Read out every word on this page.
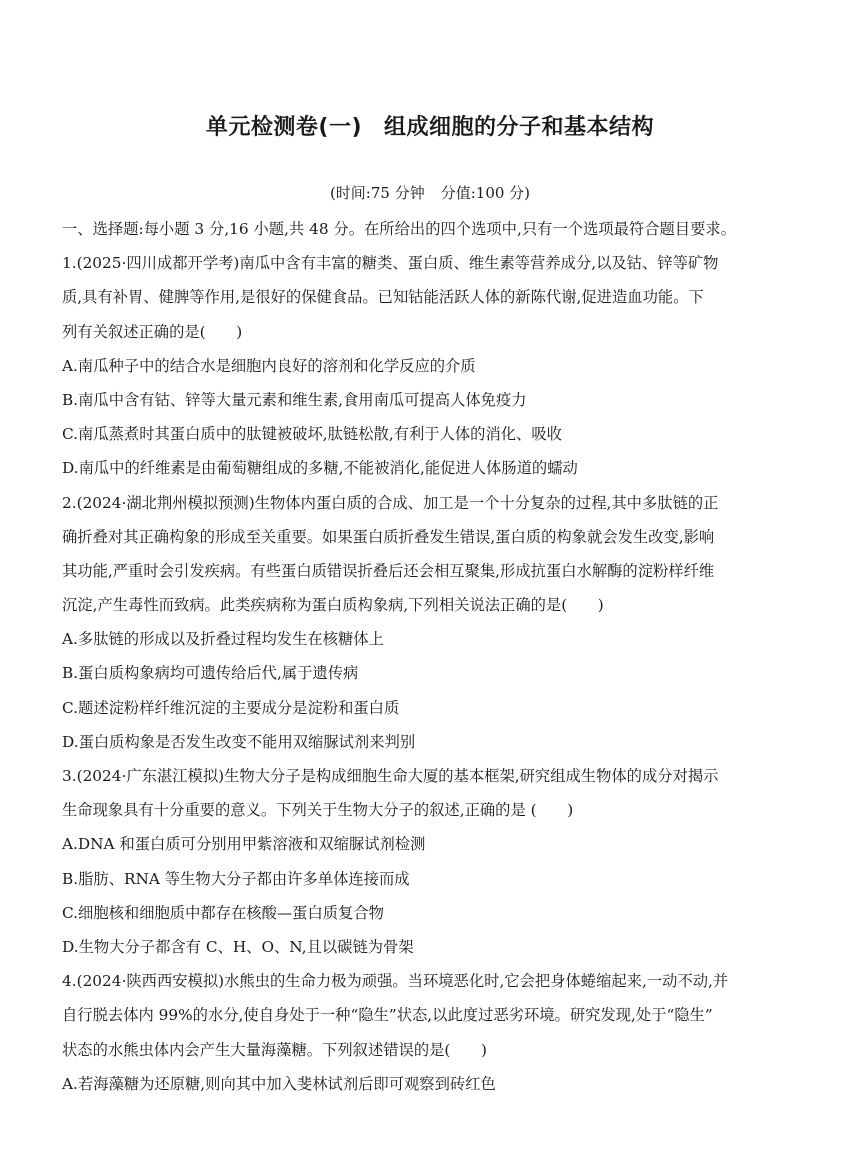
单元检测卷(一) 组成细胞的分子和基本结构
(时间:75 分钟 分值:100 分)
一、选择题:每小题 3 分,16 小题,共 48 分。在所给出的四个选项中,只有一个选项最符合题目要求。
1.(2025·四川成都开学考)南瓜中含有丰富的糖类、蛋白质、维生素等营养成分,以及钴、锌等矿物
质,具有补胃、健脾等作用,是很好的保健食品。已知钴能活跃人体的新陈代谢,促进造血功能。下
列有关叙述正确的是(　　)
A.南瓜种子中的结合水是细胞内良好的溶剂和化学反应的介质
B.南瓜中含有钴、锌等大量元素和维生素,食用南瓜可提高人体免疫力
C.南瓜蒸煮时其蛋白质中的肽键被破坏,肽链松散,有利于人体的消化、吸收
D.南瓜中的纤维素是由葡萄糖组成的多糖,不能被消化,能促进人体肠道的蠕动
2.(2024·湖北荆州模拟预测)生物体内蛋白质的合成、加工是一个十分复杂的过程,其中多肽链的正
确折叠对其正确构象的形成至关重要。如果蛋白质折叠发生错误,蛋白质的构象就会发生改变,影响
其功能,严重时会引发疾病。有些蛋白质错误折叠后还会相互聚集,形成抗蛋白水解酶的淀粉样纤维
沉淀,产生毒性而致病。此类疾病称为蛋白质构象病,下列相关说法正确的是(　　)
A.多肽链的形成以及折叠过程均发生在核糖体上
B.蛋白质构象病均可遗传给后代,属于遗传病
C.题述淀粉样纤维沉淀的主要成分是淀粉和蛋白质
D.蛋白质构象是否发生改变不能用双缩脲试剂来判别
3.(2024·广东湛江模拟)生物大分子是构成细胞生命大厦的基本框架,研究组成生物体的成分对揭示
生命现象具有十分重要的意义。下列关于生物大分子的叙述,正确的是 (　　)
A.DNA 和蛋白质可分别用甲紫溶液和双缩脲试剂检测
B.脂肪、RNA 等生物大分子都由许多单体连接而成
C.细胞核和细胞质中都存在核酸—蛋白质复合物
D.生物大分子都含有 C、H、O、N,且以碳链为骨架
4.(2024·陕西西安模拟)水熊虫的生命力极为顽强。当环境恶化时,它会把身体蜷缩起来,一动不动,并
自行脱去体内 99%的水分,使自身处于一种“隐生”状态,以此度过恶劣环境。研究发现,处于“隐生”
状态的水熊虫体内会产生大量海藻糖。下列叙述错误的是(　　)
A.若海藻糖为还原糖,则向其中加入斐林试剂后即可观察到砖红色
